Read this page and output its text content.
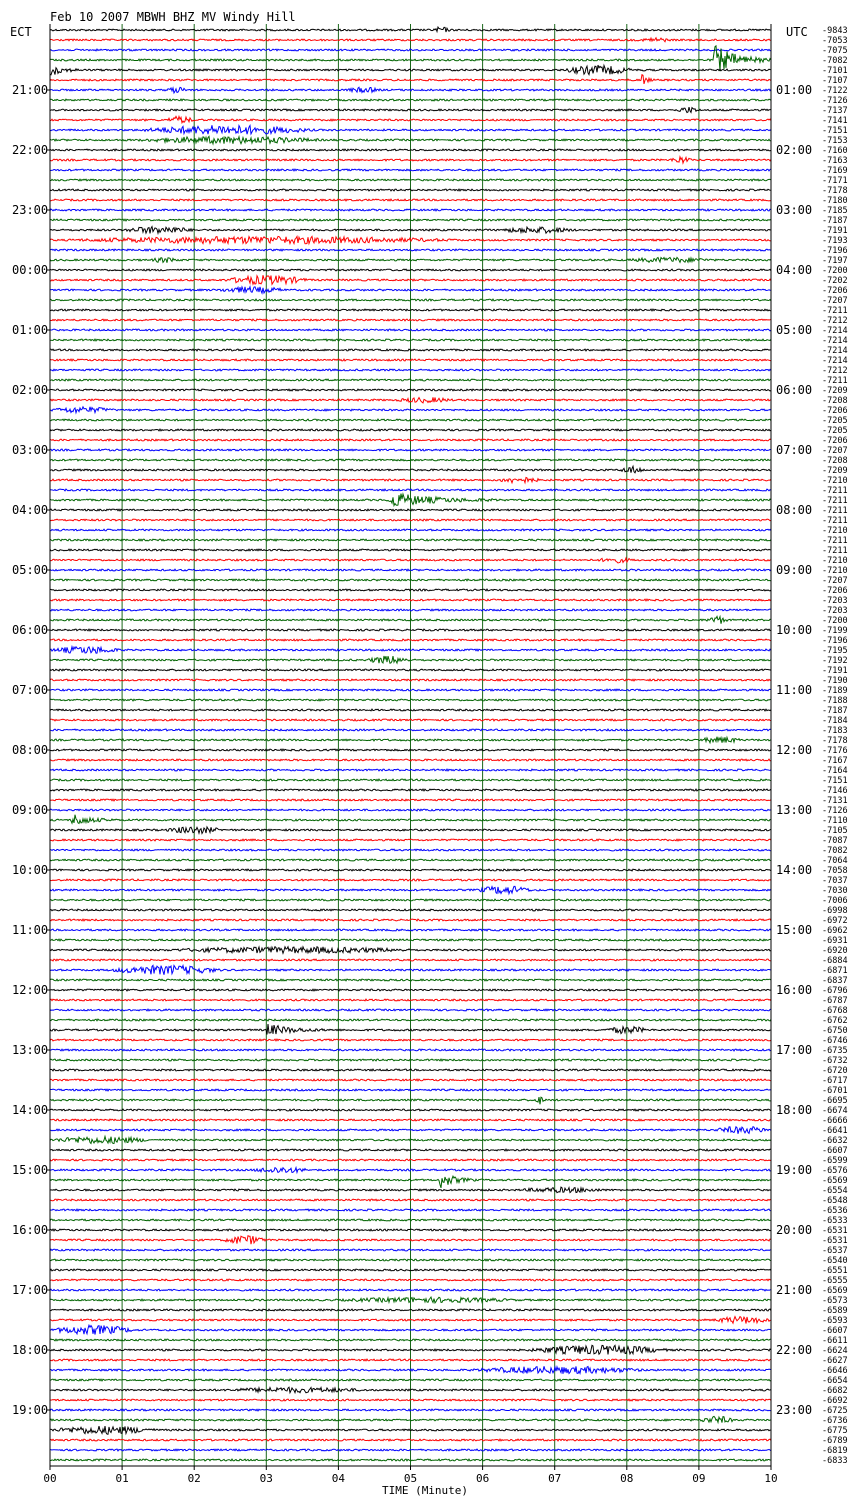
Feb 10 2007 MBWH BHZ MV Windy Hill
ECT	UTC
21:00
22:00
23:00
00:00
01:00
02:00
03:00
04:00
05:00
06:00
07:00
08:00
09:00
10:00
11:00
12:00
13:00
14:00
15:00
16:00
17:00
18:00
19:00
01:00
02:00
03:00
04:00
05:00
06:00
07:00
08:00
09:00
10:00
11:00
12:00
13:00
14:00
15:00
16:00
17:00
18:00
19:00
20:00
21:00
22:00
23:00
-9843
-7053
-7075
-7082
-7101
-7107
-7122
-7126
-7137
-7141
-7151
-7153
-7160
-7163
-7169
-7171
-7178
-7180
-7185
-7187
-7191
-7193
-7196
-7197
-7200
-7202
-7206
-7207
-7211
-7212
-7214
-7214
-7214
-7214
-7212
-7211
-7209
-7208
-7206
-7205
-7205
-7206
-7207
-7208
-7209
-7210
-7211
-7211
-7211
-7211
-7210
-7211
-7211
-7210
-7210
-7207
-7206
-7203
-7203
-7200
-7199
-7196
-7195
-7192
-7191
-7190
-7189
-7188
-7187
-7184
-7183
-7178
-7176
-7167
-7164
-7151
-7146
-7131
-7126
-7110
-7105
-7087
-7082
-7064
-7058
-7037
-7030
-7006
-6998
-6972
-6962
-6931
-6920
-6884
-6871
-6837
-6796
-6787
-6768
-6762
-6750
-6746
-6735
-6732
-6720
-6717
-6701
-6695
-6674
-6666
-6641
-6632
-6607
-6599
-6576
-6569
-6554
-6548
-6536
-6533
-6531
-6531
-6537
-6540
-6551
-6555
-6569
-6573
-6589
-6593
-6607
-6611
-6624
-6627
-6646
-6654
-6682
-6692
-6725
-6736
-6775
-6789
-6819
-6833
00	01	02	03	04	05	06	07	08	09	10
TIME (Minute)
